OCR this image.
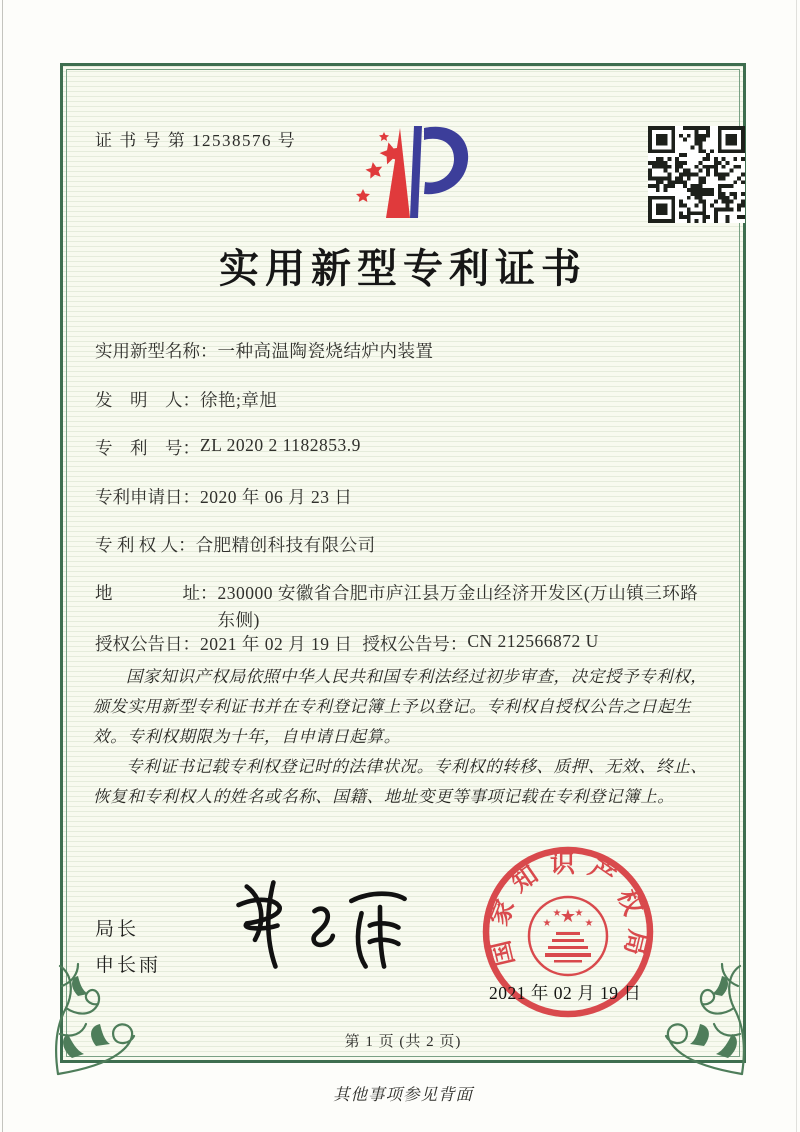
证 书 号 第 12538576 号
实用新型专利证书
实用新型名称： 一种高温陶瓷烧结炉内装置
发　明　人： 徐艳;章旭
专　利　号： ZL 2020 2 1182853.9
专利申请日： 2020 年 06 月 23 日
专 利 权 人： 合肥精创科技有限公司
地　　　　址： 230000 安徽省合肥市庐江县万金山经济开发区(万山镇三环路东侧)
授权公告日： 2021 年 02 月 19 日 授权公告号： CN 212566872 U

国家知识产权局依照中华人民共和国专利法经过初步审查，决定授予专利权，颁发实用新型专利证书并在专利登记簿上予以登记。专利权自授权公告之日起生效。专利权期限为十年，自申请日起算。

专利证书记载专利权登记时的法律状况。专利权的转移、质押、无效、终止、恢复和专利权人的姓名或名称、国籍、地址变更等事项记载在专利登记簿上。

局长
申长雨	国家知识产权局
★
★
★ ★
★
2021 年 02 月 19 日
第 1 页 (共 2 页)
其他事项参见背面
